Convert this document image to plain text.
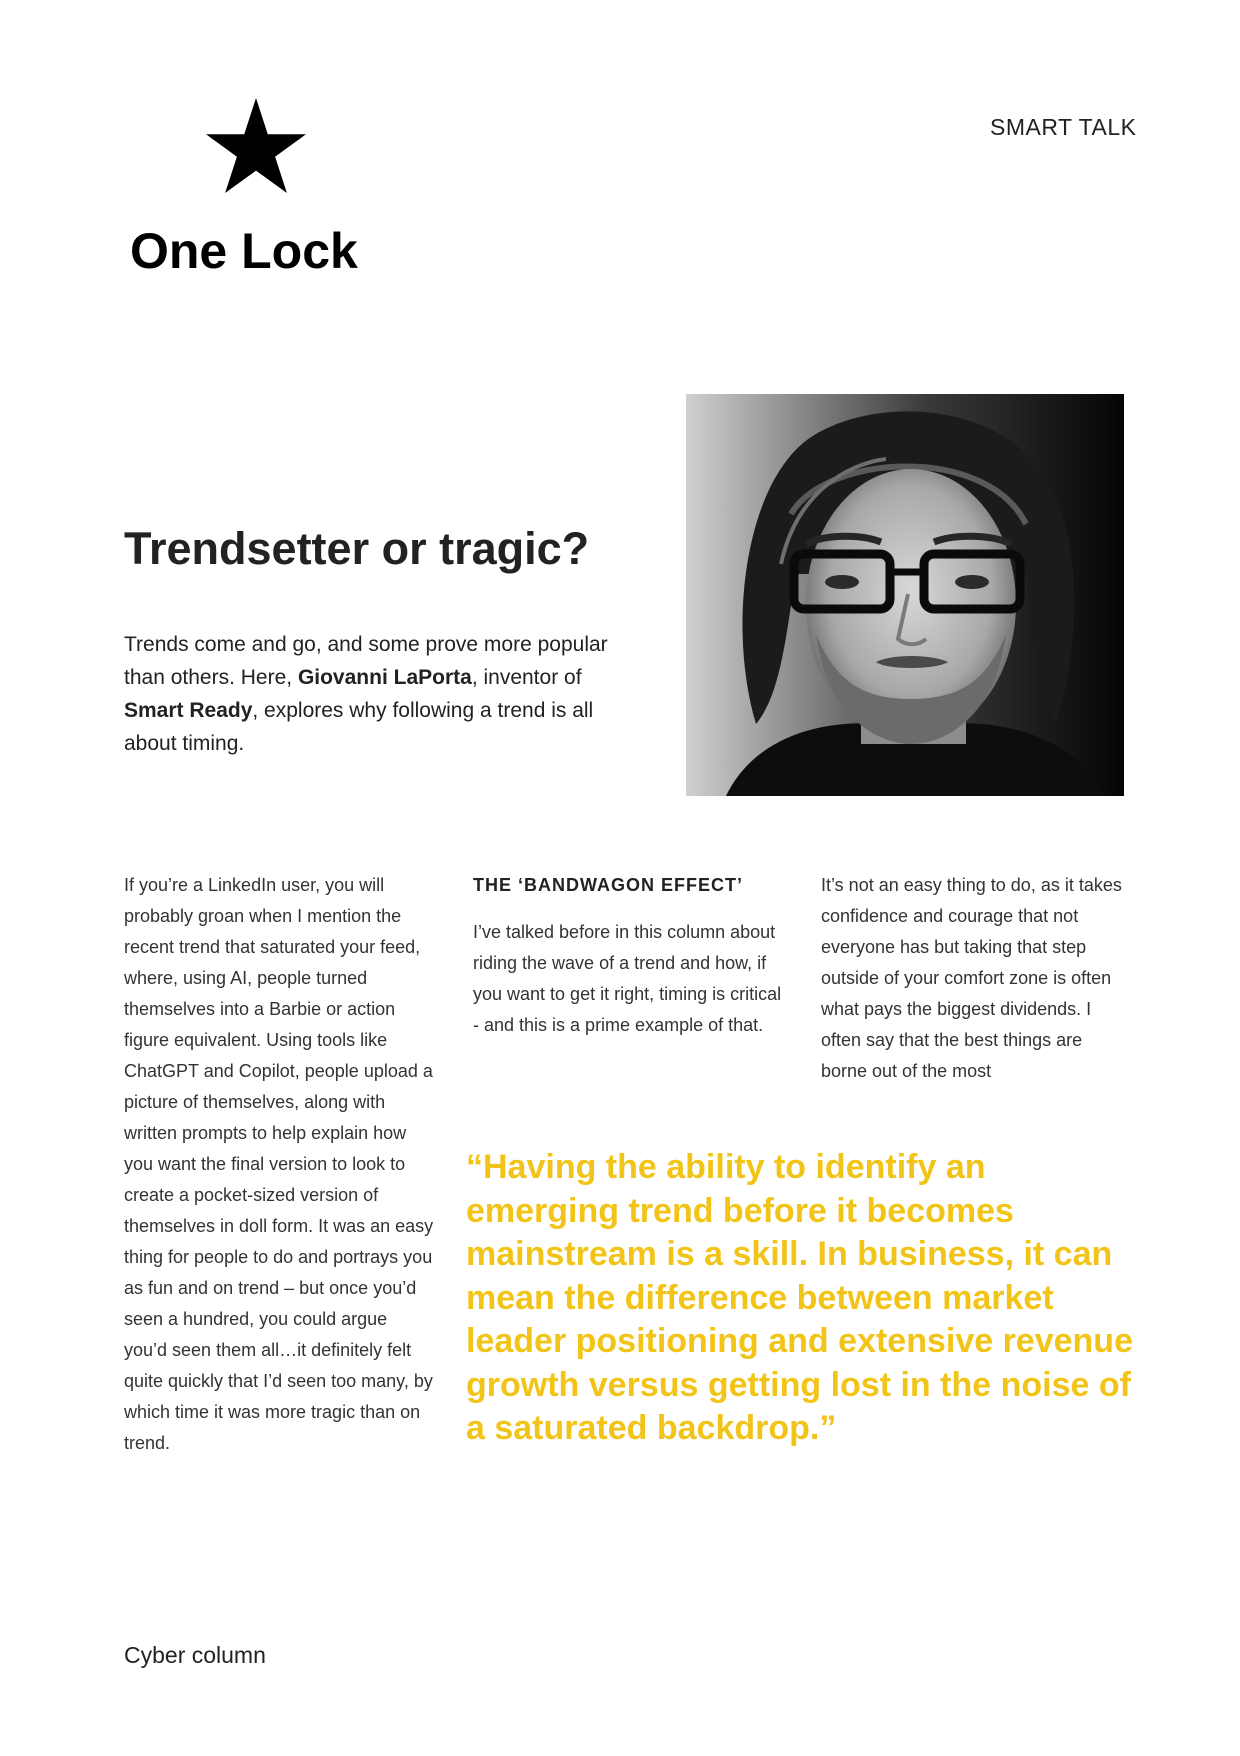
One Lock
SMART TALK
Trendsetter or tragic?

Trends come and go, and some prove more popular than others. Here, Giovanni LaPorta, inventor of Smart Ready, explores why following a trend is all about timing.

If you’re a LinkedIn user, you will probably groan when I mention the recent trend that saturated your feed, where, using AI, people turned themselves into a Barbie or action figure equivalent. Using tools like ChatGPT and Copilot, people upload a picture of themselves, along with written prompts to help explain how you want the final version to look to create a pocket-sized version of themselves in doll form. It was an easy thing for people to do and portrays you as fun and on trend – but once you’d seen a hundred, you could argue you’d seen them all…it definitely felt quite quickly that I’d seen too many, by which time it was more tragic than on trend.

THE ‘BANDWAGON EFFECT’

I’ve talked before in this column about riding the wave of a trend and how, if you want to get it right, timing is critical - and this is a prime example of that.

It’s not an easy thing to do, as it takes confidence and courage that not everyone has but taking that step outside of your comfort zone is often what pays the biggest dividends. I often say that the best things are borne out of the most

“Having the ability to identify an emerging trend before it becomes mainstream is a skill. In business, it can mean the difference between market leader positioning and extensive revenue growth versus getting lost in the noise of a saturated backdrop.”
Cyber column
